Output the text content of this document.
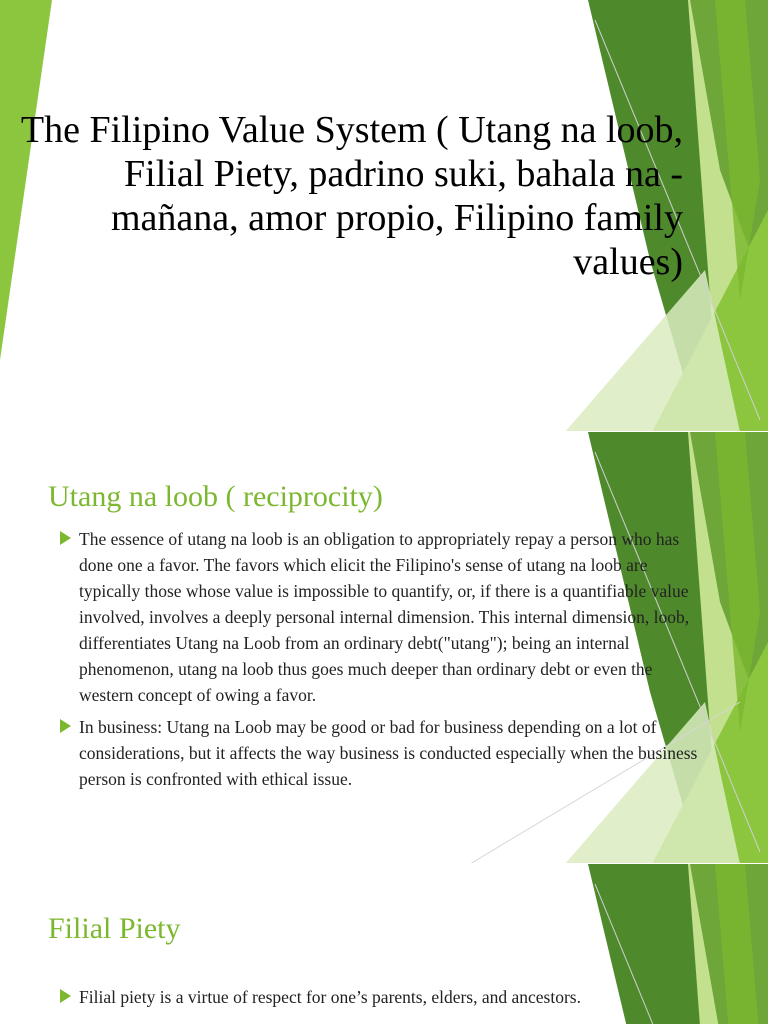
The Filipino Value System ( Utang na loob, Filial Piety, padrino suki, bahala na - mañana, amor propio, Filipino family values)
Utang na loob ( reciprocity)
The essence of utang na loob is an obligation to appropriately repay a person who has done one a favor. The favors which elicit the Filipino's sense of utang na loob are typically those whose value is impossible to quantify, or, if there is a quantifiable value involved, involves a deeply personal internal dimension. This internal dimension, loob, differentiates Utang na Loob from an ordinary debt("utang"); being an internal phenomenon, utang na loob thus goes much deeper than ordinary debt or even the western concept of owing a favor.
In business: Utang na Loob may be good or bad for business depending on a lot of considerations, but it affects the way business is conducted especially when the business person is confronted with ethical issue.
Filial Piety
Filial piety is a virtue of respect for one’s parents, elders, and ancestors.
